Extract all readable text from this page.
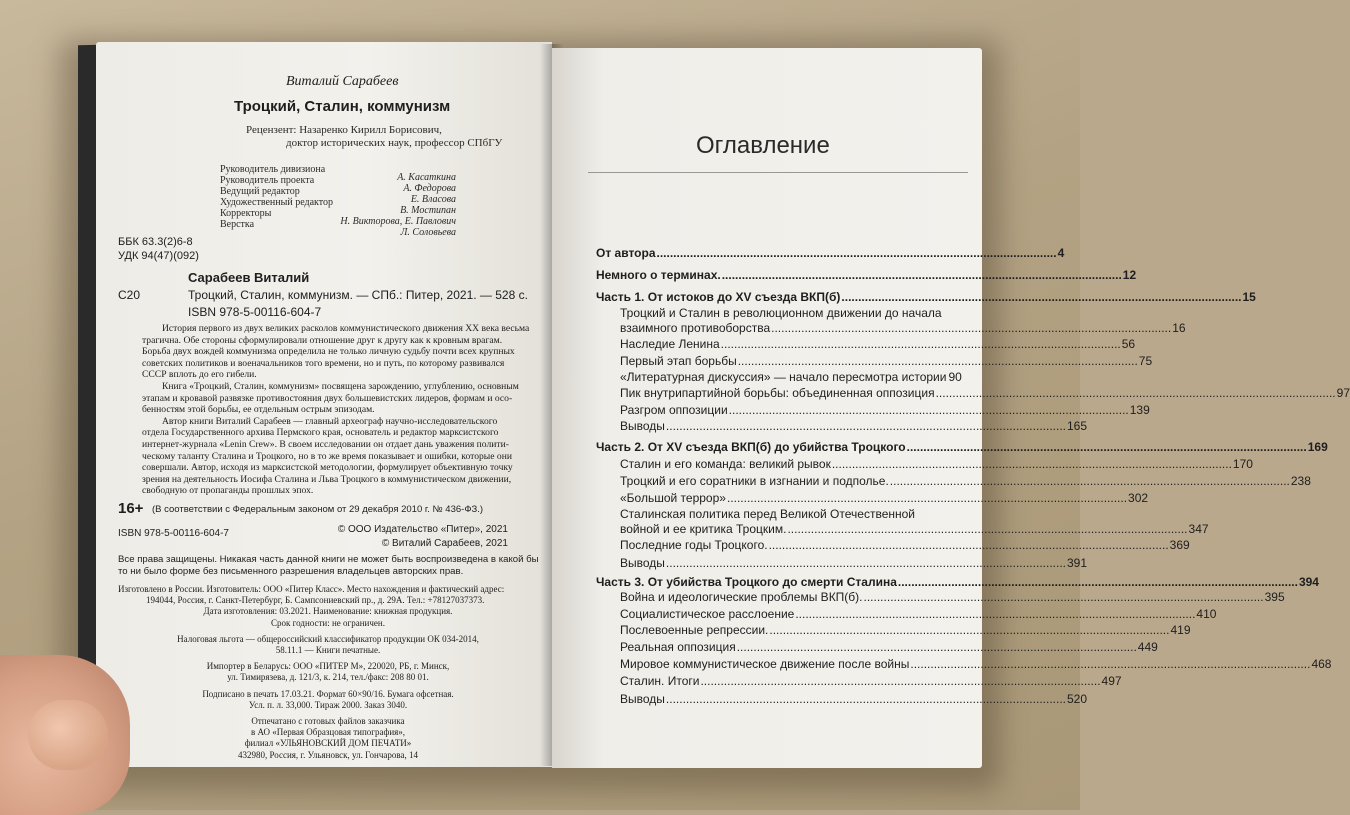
Виталий Сарабеев
Троцкий, Сталин, коммунизм
Рецензент: Назаренко Кирилл Борисович,
доктор исторических наук, профессор СПбГУ
Руководитель дивизиона
Руководитель проекта
Ведущий редактор
Художественный редактор
Корректоры
Верстка
А. Касаткина
А. Федорова
Е. Власова
В. Мостипан
Н. Викторова, Е. Павлович
Л. Соловьева
ББК 63.3(2)6-8
УДК 94(47)(092)
Сарабеев Виталий
С20	Троцкий, Сталин, коммунизм. — СПб.: Питер, 2021. — 528 с.
ISBN 978-5-00116-604-7
История первого из двух великих расколов коммунистического движения XX века весьма
трагична. Обе стороны сформулировали отношение друг к другу как к кровным врагам.
Борьба двух вождей коммунизма определила не только личную судьбу почти всех крупных
советских политиков и военачальников того времени, но и путь, по которому развивался
СССР вплоть до его гибели.
Книга «Троцкий, Сталин, коммунизм» посвящена зарождению, углублению, основным
этапам и кровавой развязке противостояния двух большевистских лидеров, формам и осо-
бенностям этой борьбы, ее отдельным острым эпизодам.
Автор книги Виталий Сарабеев — главный археограф научно-исследовательского
отдела Государственного архива Пермского края, основатель и редактор марксистского
интернет-журнала «Lenin Crew». В своем исследовании он отдает дань уважения полити-
ческому таланту Сталина и Троцкого, но в то же время показывает и ошибки, которые они
совершали. Автор, исходя из марксистской методологии, формулирует объективную точку
зрения на деятельность Иосифа Сталина и Льва Троцкого в коммунистическом движении,
свободную от пропаганды прошлых эпох.
16+ (В соответствии с Федеральным законом от 29 декабря 2010 г. № 436-ФЗ.)
ISBN 978-5-00116-604-7	© ООО Издательство «Питер», 2021
© Виталий Сарабеев, 2021
Все права защищены. Никакая часть данной книги не может быть воспроизведена в какой бы
то ни было форме без письменного разрешения владельцев авторских прав.
Изготовлено в России. Изготовитель: ООО «Питер Класс». Место нахождения и фактический адрес:
194044, Россия, г. Санкт-Петербург, Б. Сампсониевский пр., д. 29А. Тел.: +78127037373.
Дата изготовления: 03.2021. Наименование: книжная продукция.
Срок годности: не ограничен.
Налоговая льгота — общероссийский классификатор продукции ОК 034-2014,
58.11.1 — Книги печатные.
Импортер в Беларусь: ООО «ПИТЕР М», 220020, РБ, г. Минск,
ул. Тимирязева, д. 121/3, к. 214, тел./факс: 208 80 01.
Подписано в печать 17.03.21. Формат 60×90/16. Бумага офсетная.
Усл. п. л. 33,000. Тираж 2000. Заказ 3040.
Отпечатано с готовых файлов заказчика
в АО «Первая Образцовая типография»,
филиал «УЛЬЯНОВСКИЙ ДОМ ПЕЧАТИ»
432980, Россия, г. Ульяновск, ул. Гончарова, 14
Оглавление
От автора ........................................................................................................................ 4
Немного о терминах. ........................................................................................................................ 12
Часть 1. От истоков до XV съезда ВКП(б) ........................................................................................................................ 15
Троцкий и Сталин в революционном движении до начала
взаимного противоборства ........................................................................................................................ 16
Наследие Ленина ........................................................................................................................ 56
Первый этап борьбы ........................................................................................................................ 75
«Литературная дискуссия» — начало пересмотра истории 90
Пик внутрипартийной борьбы: объединенная оппозиция ........................................................................................................................ 97
Разгром оппозиции ........................................................................................................................ 139
Выводы ........................................................................................................................ 165
Часть 2. От XV съезда ВКП(б) до убийства Троцкого ........................................................................................................................ 169
Сталин и его команда: великий рывок ........................................................................................................................ 170
Троцкий и его соратники в изгнании и подполье. ........................................................................................................................ 238
«Большой террор» ........................................................................................................................ 302
Сталинская политика перед Великой Отечественной
войной и ее критика Троцким. ........................................................................................................................ 347
Последние годы Троцкого. ........................................................................................................................ 369
Выводы ........................................................................................................................ 391
Часть 3. От убийства Троцкого до смерти Сталина ........................................................................................................................ 394
Война и идеологические проблемы ВКП(б). ........................................................................................................................ 395
Социалистическое расслоение ........................................................................................................................ 410
Послевоенные репрессии. ........................................................................................................................ 419
Реальная оппозиция ........................................................................................................................ 449
Мировое коммунистическое движение после войны ........................................................................................................................ 468
Сталин. Итоги ........................................................................................................................ 497
Выводы ........................................................................................................................ 520
